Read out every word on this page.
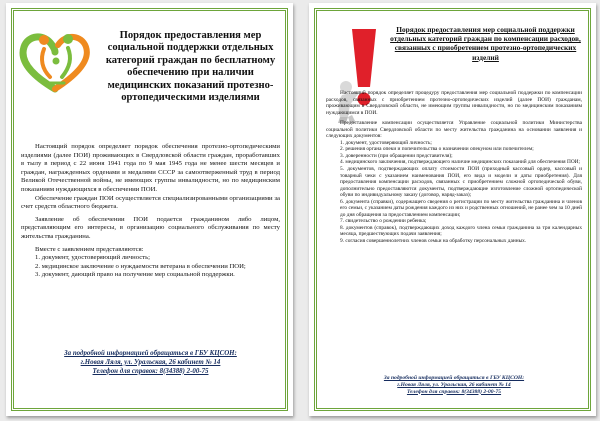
Порядок предоставления мер социальной поддержки отдельных категорий граждан по бесплатному обеспечению при наличии медицинских показаний протезно-ортопедическими изделиями

Настоящий порядок определяет порядок обеспечения протезно-ортопедическими изделиями (далее ПОИ) проживающих в Свердловской области граждан, проработавших в тылу в период с 22 июня 1941 года по 9 мая 1945 года не менее шести месяцев и граждан, награжденных орденами и медалями СССР за самоотверженный труд в период Великой Отечественной войны, не имеющих группы инвалидности, но по медицинским показаниям нуждающихся в обеспечении ПОИ.

Обеспечение граждан ПОИ осуществляется специализированными организациями за счет средств областного бюджета.

Заявление об обеспечении ПОИ подается гражданином либо лицом, представляющим его интересы, в организацию социального обслуживания по месту жительства гражданина.

Вместе с заявлением представляются:

1. документ, удостоверяющий личность;

2. медицинское заключение о нуждаемости ветерана в обеспечении ПОИ;

3. документ, дающий право на получение мер социальной поддержки.

За подробной информацией обращаться в ГБУ КЦСОН:
г.Новая Ляля, ул. Уральская, 26 кабинет № 14
Телефон для справок: 8(34388) 2-00-75
Порядок предоставления мер социальной поддержки отдельных категорий граждан по компенсации расходов, связанных с приобретением протезно-ортопедических изделий

Настоящий порядок определяет процедуру предоставления мер социальной поддержки по компенсации расходов, связанных с приобретением протезно-ортопедических изделий (далее ПОИ) гражданам, проживающим в Свердловской области, не имеющим группы инвалидности, но по медицинским показаниям нуждающимся в ПОИ.

Предоставление компенсации осуществляется Управление социальной политики Министерства социальной политики Свердловской области по месту жительства гражданина на основании заявления и следующих документов:

1. документ, удостоверяющий личность;

2. решения органа опеки и попечительства о назначении опекуном или попечителем;

3. доверенности (при обращении представителя);

4. медицинского заключения, подтверждающего наличие медицинских показаний для обеспечения ПОИ;

5. документов, подтверждающих оплату стоимости ПОИ (приходный кассовый ордер, кассовый и товарный чеки с указанием наименования ПОИ, его вида и модели и даты приобретения). Для предоставления компенсации расходов, связанных с приобретением сложной ортопедической обуви, дополнительно предоставляются документы, подтверждающие изготовление сложной ортопедической обуви по индивидуальному заказу (договор, наряд-заказ);

6. документа (справки), содержащего сведения о регистрации по месту жительства гражданина и членов его семьи, с указанием даты рождения каждого из них и родственных отношений, не ранее чем за 10 дней до дня обращения за предоставлением компенсации;

7. свидетельство о рождении ребенка;

8. документов (справок), подтверждающих доход каждого члена семьи гражданина за три календарных месяца, предшествующих подачи заявления;

9. согласия совершеннолетних членов семьи на обработку персональных данных.

За подробной информацией обращаться в ГБУ КЦСОН:
г.Новая Ляля, ул. Уральская, 26 кабинет № 14
Телефон для справок: 8(34388) 2-00-75
